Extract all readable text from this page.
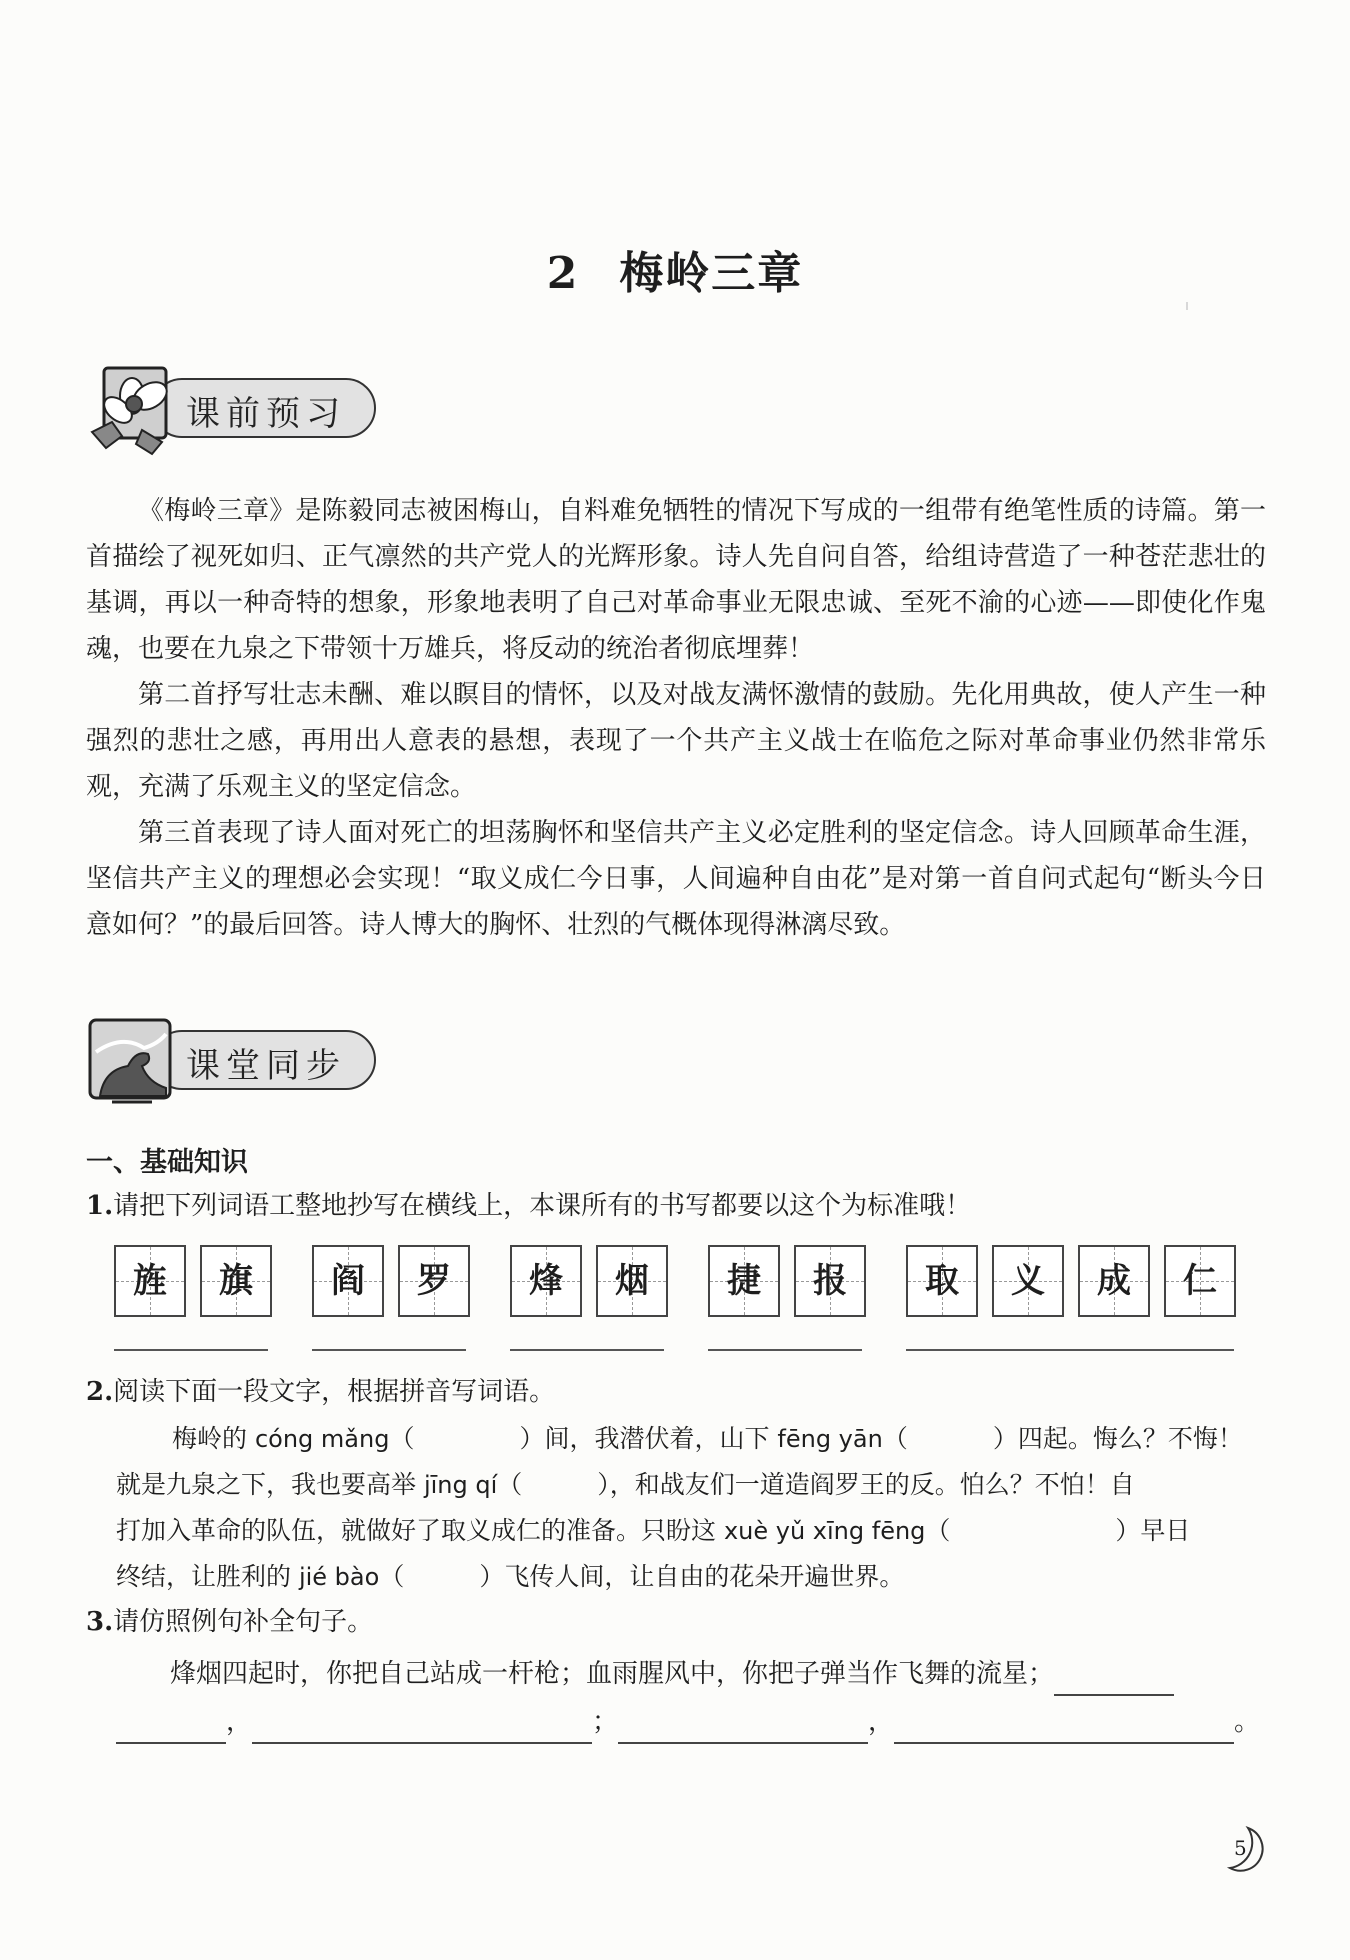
2 梅岭三章
课前预习

《梅岭三章》是陈毅同志被困梅山，自料难免牺牲的情况下写成的一组带有绝笔性质的诗篇。第一首描绘了视死如归、正气凛然的共产党人的光辉形象。诗人先自问自答，给组诗营造了一种苍茫悲壮的基调，再以一种奇特的想象，形象地表明了自己对革命事业无限忠诚、至死不渝的心迹——即使化作鬼魂，也要在九泉之下带领十万雄兵，将反动的统治者彻底埋葬！

第二首抒写壮志未酬、难以瞑目的情怀，以及对战友满怀激情的鼓励。先化用典故，使人产生一种强烈的悲壮之感，再用出人意表的悬想，表现了一个共产主义战士在临危之际对革命事业仍然非常乐观，充满了乐观主义的坚定信念。

第三首表现了诗人面对死亡的坦荡胸怀和坚信共产主义必定胜利的坚定信念。诗人回顾革命生涯，坚信共产主义的理想必会实现！“取义成仁今日事，人间遍种自由花”是对第一首自问式起句“断头今日意如何？”的最后回答。诗人博大的胸怀、壮烈的气概体现得淋漓尽致。

课堂同步
一、基础知识
1.请把下列词语工整地抄写在横线上，本课所有的书写都要以这个为标准哦！
旌	旗	阎	罗	烽	烟	捷	报	取	义	成	仁
2.阅读下面一段文字，根据拼音写词语。
梅岭的 cóng mǎng（	）间，我潜伏着，山下 fēng yān（	）四起。悔么？不悔！
就是九泉之下，我也要高举 jīng qí（	），和战友们一道造阎罗王的反。怕么？不怕！自
打加入革命的队伍，就做好了取义成仁的准备。只盼这 xuè yǔ xīng fēng（	）早日
终结，让胜利的 jié bào（	）飞传人间，让自由的花朵开遍世界。
3.请仿照例句补全句子。
烽烟四起时，你把自己站成一杆枪；血雨腥风中，你把子弹当作飞舞的流星；
，	；	，	。
5
